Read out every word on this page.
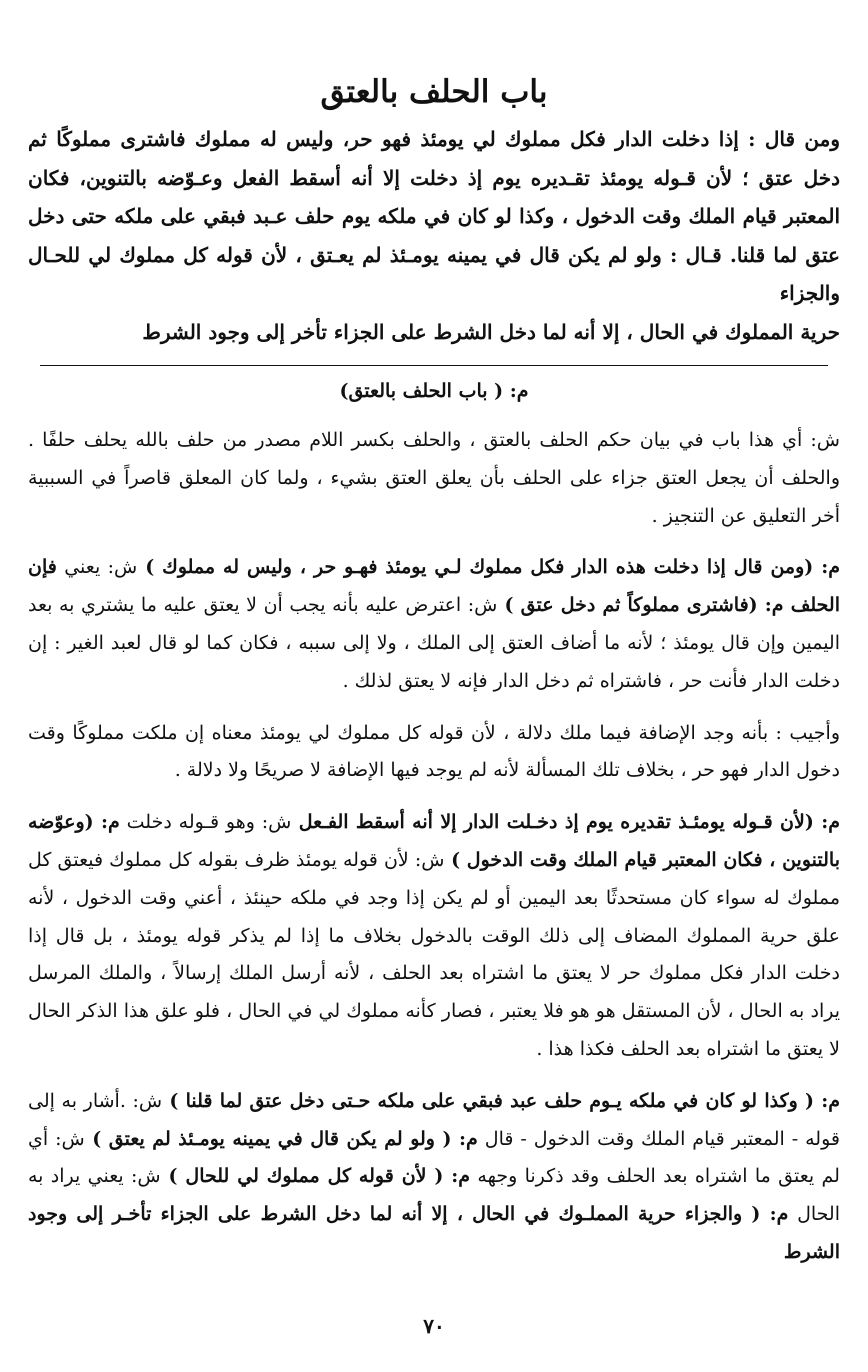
باب الحلف بالعتق

ومن قال : إذا دخلت الدار فكل مملوك لي يومئذ فهو حر، وليس له مملوك فاشترى مملوكًا ثم دخل عتق ؛ لأن قـوله يومئذ تقـديره يوم إذ دخلت إلا أنه أسقط الفعل وعـوّضه بالتنوين، فكان المعتبر قيام الملك وقت الدخول ، وكذا لو كان في ملكه يوم حلف عـبد فبقي على ملكه حتى دخل عتق لما قلنا. قـال : ولو لم يكن قال في يمينه يومـئذ لم يعـتق ، لأن قوله كل مملوك لي للحـال والجزاء
حرية المملوك في الحال ، إلا أنه لما دخل الشرط على الجزاء تأخر إلى وجود الشرط

م: ( باب الحلف بالعتق)

ش: أي هذا باب في بيان حكم الحلف بالعتق ، والحلف بكسر اللام مصدر من حلف بالله يحلف حلفًا . والحلف أن يجعل العتق جزاء على الحلف بأن يعلق العتق بشيء ، ولما كان المعلق قاصراً في السببية أخر التعليق عن التنجيز .

م: (ومن قال إذا دخلت هذه الدار فكل مملوك لـي يومئذ فهـو حر ، وليس له مملوك ) ش: يعني فإن الحلف م: (فاشترى مملوكاً ثم دخل عتق ) ش: اعترض عليه بأنه يجب أن لا يعتق عليه ما يشتري به بعد اليمين وإن قال يومئذ ؛ لأنه ما أضاف العتق إلى الملك ، ولا إلى سببه ، فكان كما لو قال لعبد الغير : إن دخلت الدار فأنت حر ، فاشتراه ثم دخل الدار فإنه لا يعتق لذلك .

وأجيب : بأنه وجد الإضافة فيما ملك دلالة ، لأن قوله كل مملوك لي يومئذ معناه إن ملكت مملوكًا وقت دخول الدار فهو حر ، بخلاف تلك المسألة لأنه لم يوجد فيها الإضافة لا صريحًا ولا دلالة .

م: (لأن قـوله يومئـذ تقديره يوم إذ دخـلت الدار إلا أنه أسقط الفـعل ش: وهو قـوله دخلت م: (وعوّضه بالتنوين ، فكان المعتبر قيام الملك وقت الدخول ) ش: لأن قوله يومئذ ظرف بقوله كل مملوك فيعتق كل مملوك له سواء كان مستحدثًا بعد اليمين أو لم يكن إذا وجد في ملكه حينئذ ، أعني وقت الدخول ، لأنه علق حرية المملوك المضاف إلى ذلك الوقت بالدخول بخلاف ما إذا لم يذكر قوله يومئذ ، بل قال إذا دخلت الدار فكل مملوك حر لا يعتق ما اشتراه بعد الحلف ، لأنه أرسل الملك إرسالاً ، والملك المرسل يراد به الحال ، لأن المستقل هو هو فلا يعتبر ، فصار كأنه مملوك لي في الحال ، فلو علق هذا الذكر الحال لا يعتق ما اشتراه بعد الحلف فكذا هذا .

م: ( وكذا لو كان في ملكه يـوم حلف عبد فبقي على ملكه حـتى دخل عتق لما قلنا ) ش: .أشار به إلى قوله - المعتبر قيام الملك وقت الدخول - قال م: ( ولو لم يكن قال في يمينه يومـئذ لم يعتق ) ش: أي لم يعتق ما اشتراه بعد الحلف وقد ذكرنا وجهه م: ( لأن قوله كل مملوك لي للحال ) ش: يعني يراد به الحال م: ( والجزاء حرية المملـوك في الحال ، إلا أنه لما دخل الشرط على الجزاء تأخـر إلى وجود الشرط

٧٠
